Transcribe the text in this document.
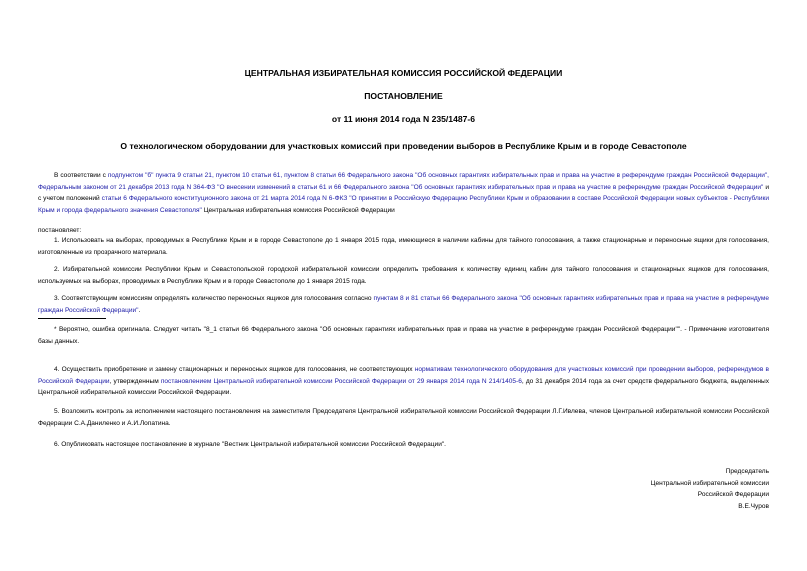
ЦЕНТРАЛЬНАЯ ИЗБИРАТЕЛЬНАЯ КОМИССИЯ РОССИЙСКОЙ ФЕДЕРАЦИИ
ПОСТАНОВЛЕНИЕ
от 11 июня 2014 года N 235/1487-6
О технологическом оборудовании для участковых комиссий при проведении выборов в Республике Крым и в городе Севастополе

В соответствии с подпунктом "б" пункта 9 статьи 21, пунктом 10 статьи 61, пунктом 8 статьи 66 Федерального закона "Об основных гарантиях избирательных прав и права на участие в референдуме граждан Российской Федерации", Федеральным законом от 21 декабря 2013 года N 364-ФЗ "О внесении изменений в статьи 61 и 66 Федерального закона "Об основных гарантиях избирательных прав и права на участие в референдуме граждан Российской Федерации" и с учетом положений статьи 6 Федерального конституционного закона от 21 марта 2014 года N 6-ФКЗ "О принятии в Российскую Федерацию Республики Крым и образовании в составе Российской Федерации новых субъектов - Республики Крым и города федерального значения Севастополя" Центральная избирательная комиссия Российской Федерации

постановляет:

1. Использовать на выборах, проводимых в Республике Крым и в городе Севастополе до 1 января 2015 года, имеющиеся в наличии кабины для тайного голосования, а также стационарные и переносные ящики для голосования, изготовленные из прозрачного материала.

2. Избирательной комиссии Республики Крым и Севастопольской городской избирательной комиссии определить требования к количеству единиц кабин для тайного голосования и стационарных ящиков для голосования, используемых на выборах, проводимых в Республике Крым и в городе Севастополе до 1 января 2015 года.

3. Соответствующим комиссиям определять количество переносных ящиков для голосования согласно пунктам 8 и 81 статьи 66 Федерального закона "Об основных гарантиях избирательных прав и права на участие в референдуме граждан Российской Федерации".

* Вероятно, ошибка оригинала. Следует читать "8_1 статьи 66 Федерального закона "Об основных гарантиях избирательных прав и права на участие в референдуме граждан Российской Федерации"". - Примечание изготовителя базы данных.

4. Осуществить приобретение и замену стационарных и переносных ящиков для голосования, не соответствующих нормативам технологического оборудования для участковых комиссий при проведении выборов, референдумов в Российской Федерации, утвержденным постановлением Центральной избирательной комиссии Российской Федерации от 29 января 2014 года N 214/1405-6, до 31 декабря 2014 года за счет средств федерального бюджета, выделенных Центральной избирательной комиссии Российской Федерации.

5. Возложить контроль за исполнением настоящего постановления на заместителя Председателя Центральной избирательной комиссии Российской Федерации Л.Г.Ивлева, членов Центральной избирательной комиссии Российской Федерации С.А.Даниленко и А.И.Лопатина.

6. Опубликовать настоящее постановление в журнале "Вестник Центральной избирательной комиссии Российской Федерации".

Председатель
Центральной избирательной комиссии
Российской Федерации
В.Е.Чуров
